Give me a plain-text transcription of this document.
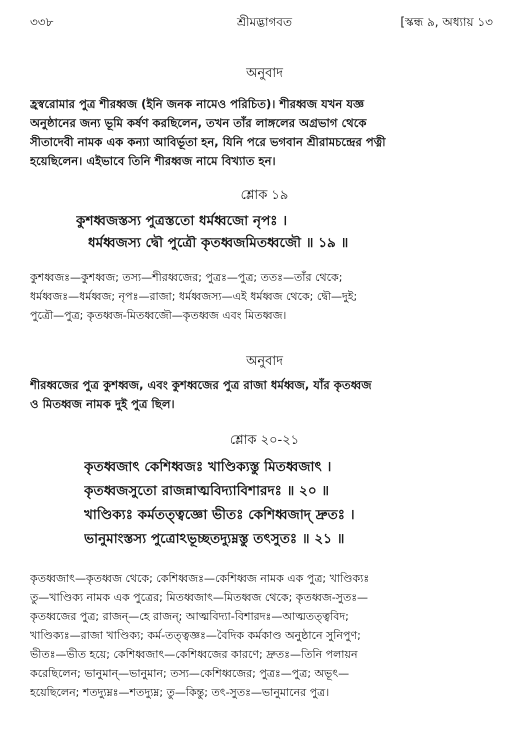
৩৩৮	শ্রীমদ্ভাগবত	[স্কন্ধ ৯, অধ্যায় ১৩
অনুবাদ
হ্রস্বরোমার পুত্র শীরধ্বজ (ইনি জনক নামেও পরিচিত)। শীরধ্বজ যখন যজ্ঞ
অনুষ্ঠানের জন্য ভূমি কর্ষণ করছিলেন, তখন তাঁর লাঙ্গলের অগ্রভাগ থেকে
সীতাদেবী নামক এক কন্যা আবির্ভূতা হন, যিনি পরে ভগবান শ্রীরামচন্দ্রের পত্নী
হয়েছিলেন। এইভাবে তিনি শীরধ্বজ নামে বিখ্যাত হন।
শ্লোক ১৯
কুশধ্বজস্তস্য পুত্রস্ততো ধর্মধ্বজো নৃপঃ ।
ধর্মধ্বজস্য দ্বৌ পুত্রৌ কৃতধ্বজমিতধ্বজৌ ॥ ১৯ ॥
কুশধ্বজঃ—কুশধ্বজ; তস্য—শীরধ্বজের; পুত্রঃ—পুত্র; ততঃ—তাঁর থেকে;
ধর্মধ্বজঃ—ধর্মধ্বজ; নৃপঃ—রাজা; ধর্মধ্বজস্য—এই ধর্মধ্বজ থেকে; দ্বৌ—দুই;
পুত্রৌ—পুত্র; কৃতধ্বজ-মিতধ্বজৌ—কৃতধ্বজ এবং মিতধ্বজ।
অনুবাদ
শীরধ্বজের পুত্র কুশধ্বজ, এবং কুশধ্বজের পুত্র রাজা ধর্মধ্বজ, যাঁর কৃতধ্বজ
ও মিতধ্বজ নামক দুই পুত্র ছিল।
শ্লোক ২০-২১
কৃতধ্বজাৎ কেশিধ্বজঃ খাণ্ডিক্যস্তু মিতধ্বজাৎ ।
কৃতধ্বজসুতো রাজন্নাত্মবিদ্যাবিশারদঃ ॥ ২০ ॥
খাণ্ডিক্যঃ কর্মতত্ত্বজ্ঞো ভীতঃ কেশিধ্বজাদ্ দ্রুতঃ ।
ভানুমাংস্তস্য পুত্রোঽভূচ্ছতদ্যুম্নস্তু তৎসুতঃ ॥ ২১ ॥
কৃতধ্বজাৎ—কৃতধ্বজ থেকে; কেশিধ্বজঃ—কেশিধ্বজ নামক এক পুত্র; খাণ্ডিক্যঃ
তু—খাণ্ডিক্য নামক এক পুত্রের; মিতধ্বজাৎ—মিতধ্বজ থেকে; কৃতধ্বজ-সুতঃ—
কৃতধ্বজের পুত্র; রাজন্—হে রাজন্; আত্মবিদ্যা-বিশারদঃ—আত্মতত্ত্ববিদ;
খাণ্ডিক্যঃ—রাজা খাণ্ডিক্য; কর্ম-তত্ত্বজ্ঞঃ—বৈদিক কর্মকাণ্ড অনুষ্ঠানে সুনিপুণ;
ভীতঃ—ভীত হয়ে; কেশিধ্বজাৎ—কেশিধ্বজের কারণে; দ্রুতঃ—তিনি পলায়ন
করেছিলেন; ভানুমান্—ভানুমান; তস্য—কেশিধ্বজের; পুত্রঃ—পুত্র; অভূৎ—
হয়েছিলেন; শতদ্যুম্নঃ—শতদ্যুম্ন; তু—কিন্তু; তৎ-সুতঃ—ভানুমানের পুত্র।
